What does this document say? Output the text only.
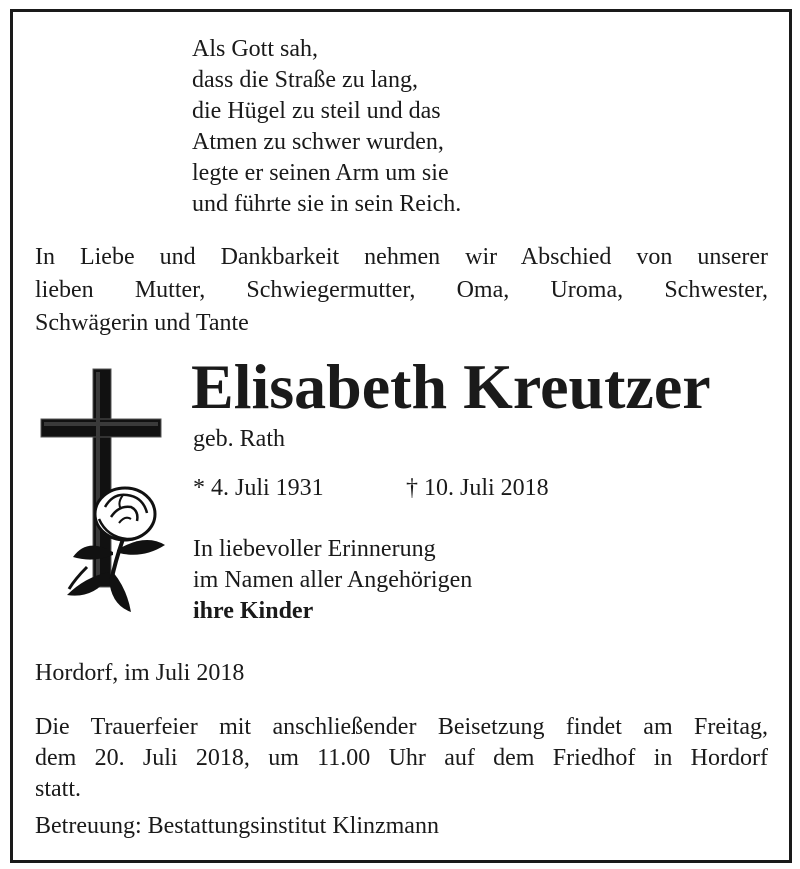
Als Gott sah,
dass die Straße zu lang,
die Hügel zu steil und das
Atmen zu schwer wurden,
legte er seinen Arm um sie
und führte sie in sein Reich.
In Liebe und Dankbarkeit nehmen wir Abschied von unserer
lieben Mutter, Schwiegermutter, Oma, Uroma, Schwester,
Schwägerin und Tante
Elisabeth Kreutzer
geb. Rath
* 4. Juli 1931	† 10. Juli 2018
In liebevoller Erinnerung
im Namen aller Angehörigen
ihre Kinder
Hordorf, im Juli 2018
Die Trauerfeier mit anschließender Beisetzung findet am Freitag,
dem 20. Juli 2018, um 11.00 Uhr auf dem Friedhof in Hordorf
statt.
Betreuung: Bestattungsinstitut Klinzmann
